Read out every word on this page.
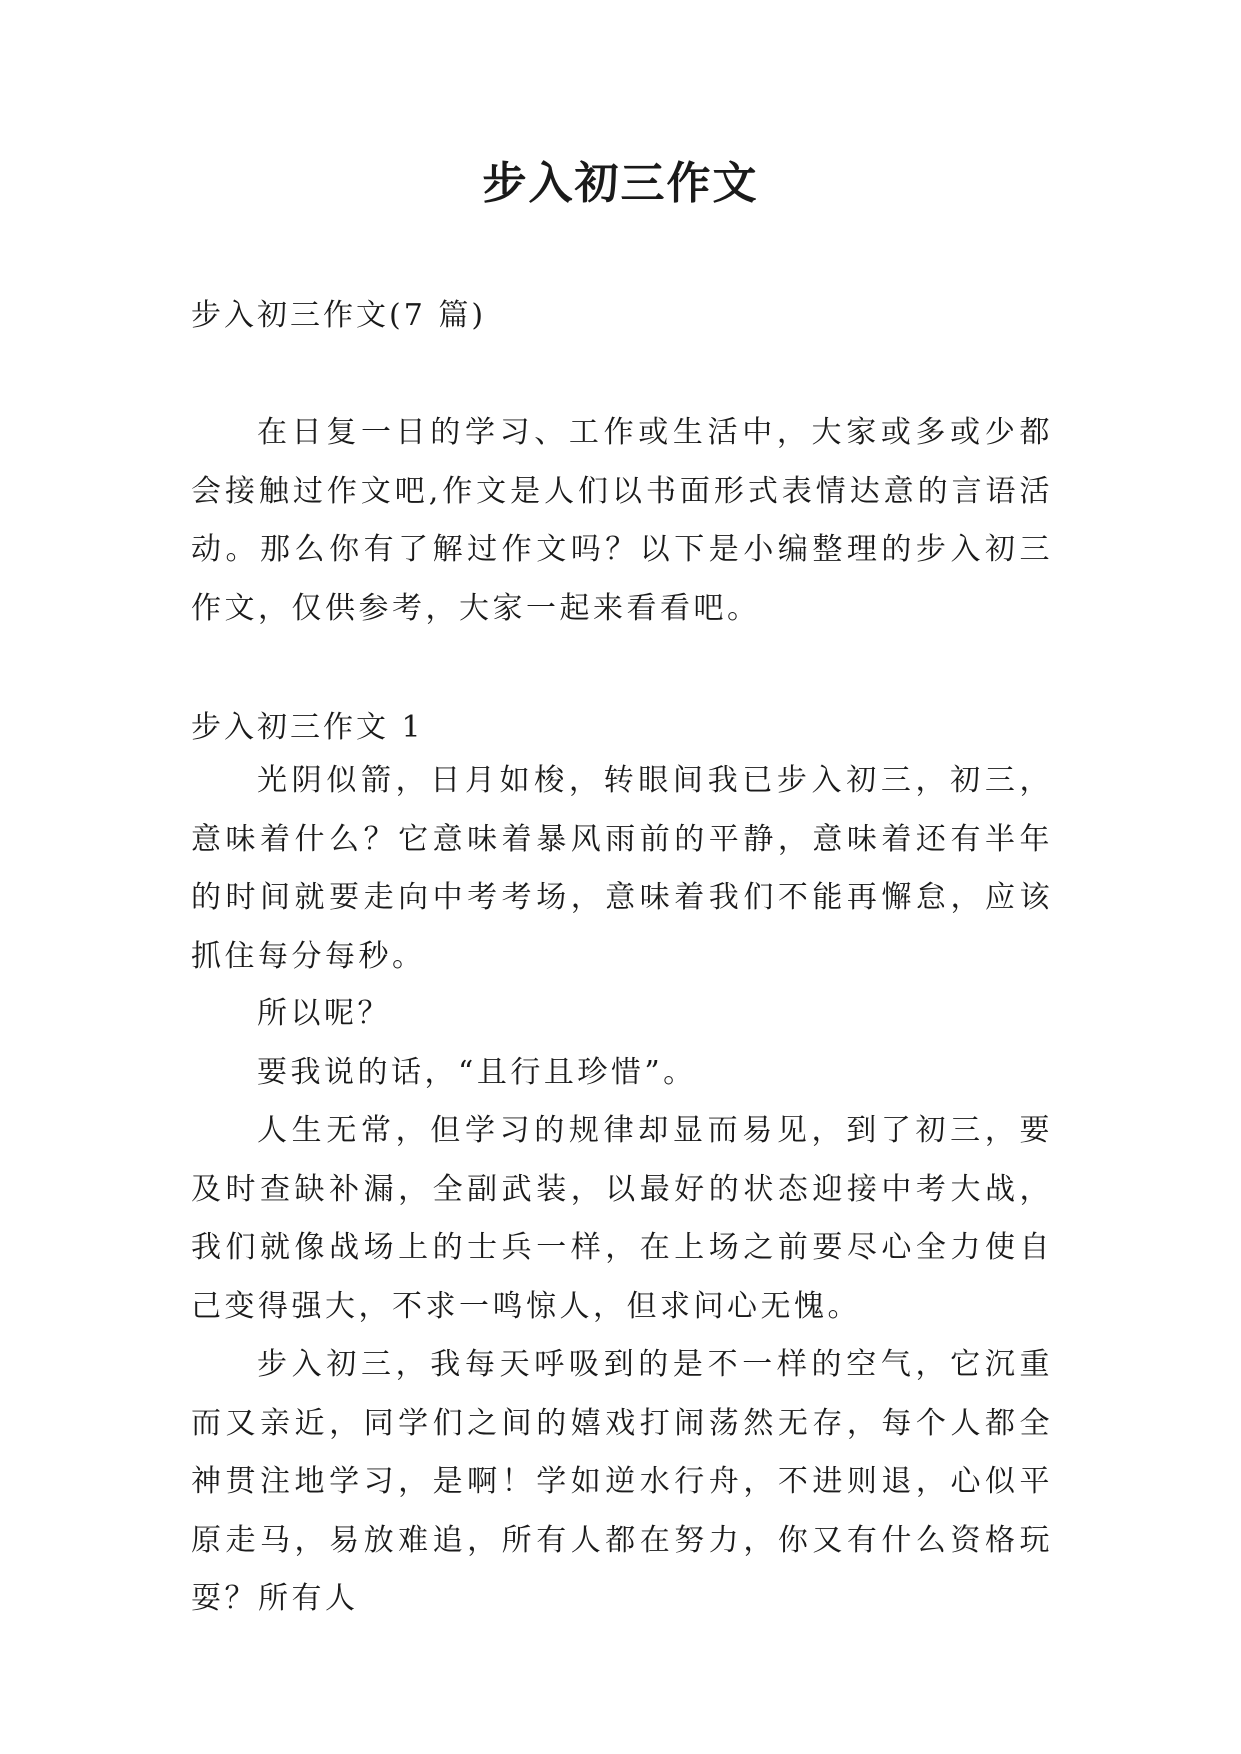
步入初三作文
步入初三作文(7 篇)

在日复一日的学习、工作或生活中，大家或多或少都会接触过作文吧,作文是人们以书面形式表情达意的言语活动。那么你有了解过作文吗？以下是小编整理的步入初三作文，仅供参考，大家一起来看看吧。

步入初三作文 1

光阴似箭，日月如梭，转眼间我已步入初三，初三，意味着什么？它意味着暴风雨前的平静，意味着还有半年的时间就要走向中考考场，意味着我们不能再懈怠，应该抓住每分每秒。

所以呢？

要我说的话，“且行且珍惜”。

人生无常，但学习的规律却显而易见，到了初三，要及时查缺补漏，全副武装，以最好的状态迎接中考大战，我们就像战场上的士兵一样，在上场之前要尽心全力使自己变得强大，不求一鸣惊人，但求问心无愧。

步入初三，我每天呼吸到的是不一样的空气，它沉重而又亲近，同学们之间的嬉戏打闹荡然无存，每个人都全神贯注地学习，是啊！学如逆水行舟，不进则退，心似平原走马，易放难追，所有人都在努力，你又有什么资格玩耍？所有人
